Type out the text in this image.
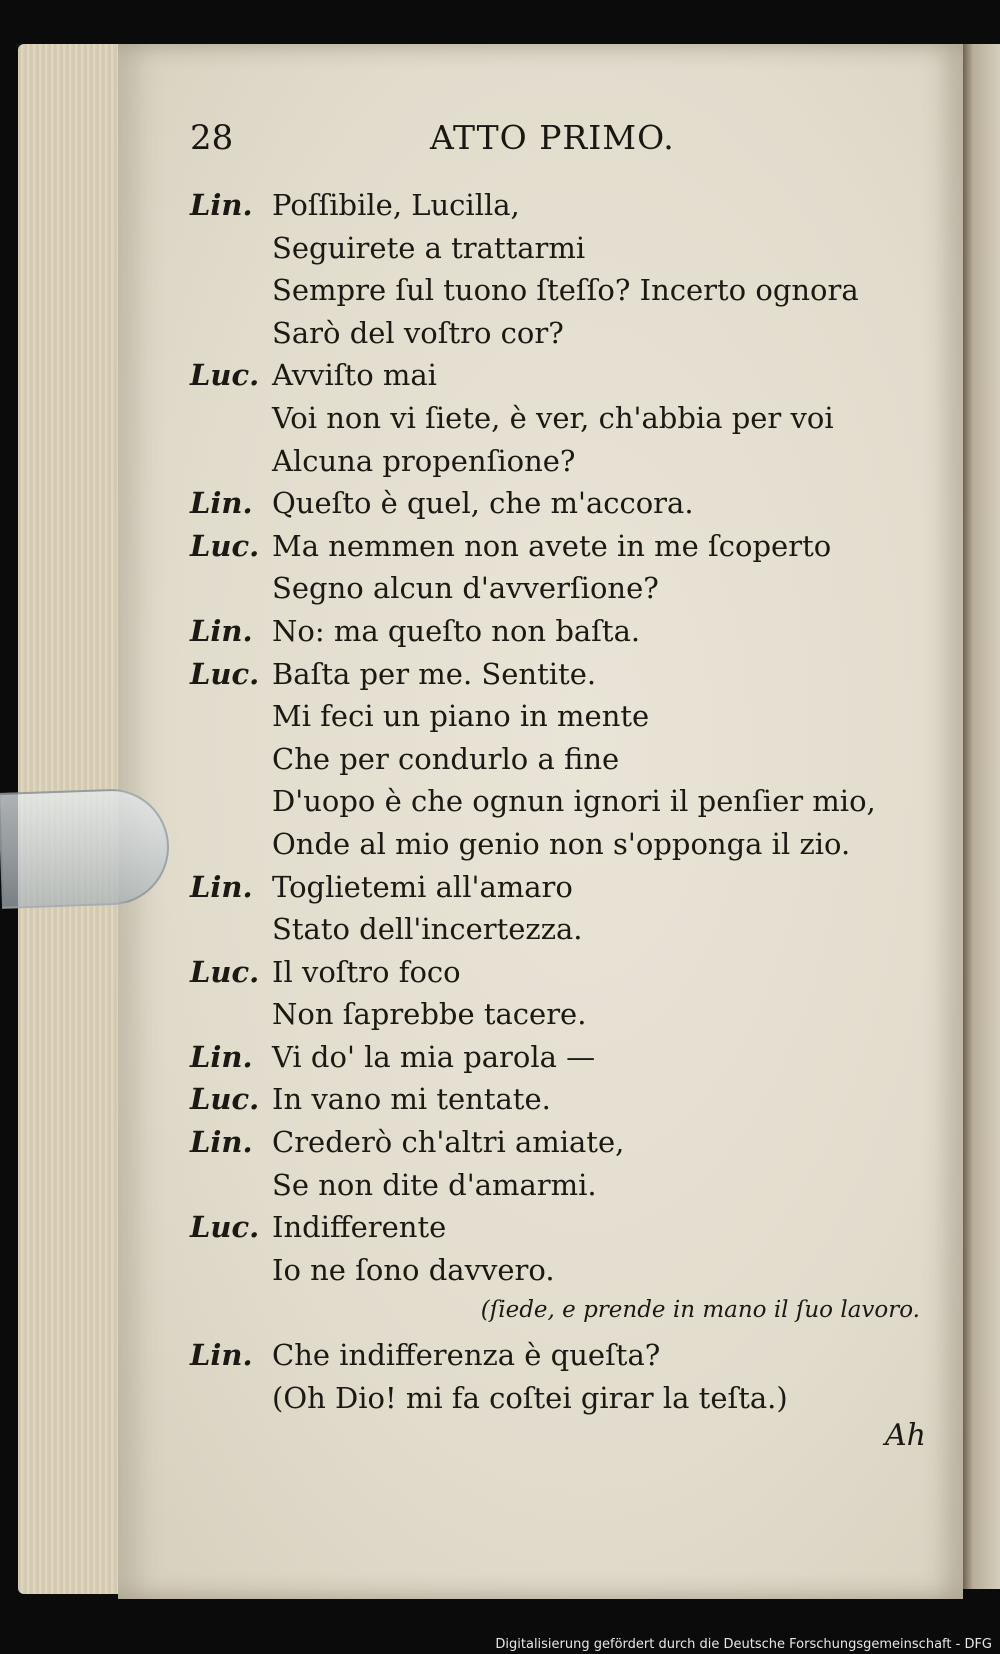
28	ATTO PRIMO.
Lin. Poſſibile, Lucilla,
Seguirete a trattarmi
Sempre ſul tuono ſteſſo? Incerto ognora
Sarò del voſtro cor?
Luc. Avviſto mai
Voi non vi ſiete, è ver, ch'abbia per voi
Alcuna propenſione?
Lin. Queſto è quel, che m'accora.
Luc. Ma nemmen non avete in me ſcoperto
Segno alcun d'avverſione?
Lin. No: ma queſto non baſta.
Luc. Baſta per me. Sentite.
Mi feci un piano in mente
Che per condurlo a fine
D'uopo è che ognun ignori il penſier mio,
Onde al mio genio non s'opponga il zio.
Lin. Toglietemi all'amaro
Stato dell'incertezza.
Luc. Il voſtro foco
Non ſaprebbe tacere.
Lin. Vi do' la mia parola —
Luc. In vano mi tentate.
Lin. Crederò ch'altri amiate,
Se non dite d'amarmi.
Luc. Indifferente
Io ne ſono davvero.
(ſiede, e prende in mano il ſuo lavoro.
Lin. Che indifferenza è queſta?
(Oh Dio! mi fa coſtei girar la teſta.)
Ah
Digitalisierung gefördert durch die Deutsche Forschungsgemeinschaft - DFG
